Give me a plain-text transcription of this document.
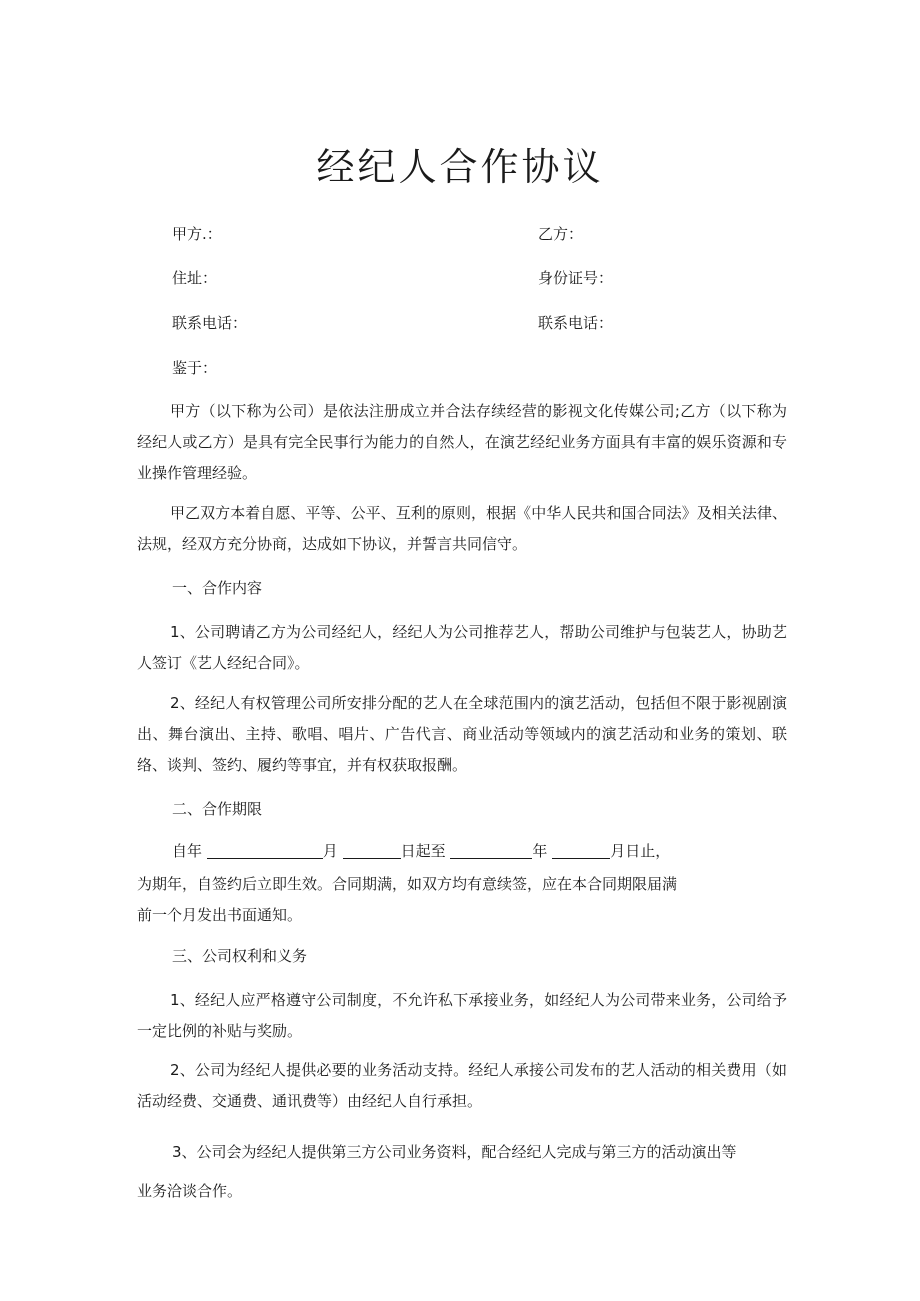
经纪人合作协议

甲方.：	乙方：

住址：	身份证号：

联系电话：	联系电话：

鉴于：

甲方（以下称为公司）是依法注册成立并合法存续经营的影视文化传媒公司;乙方（以下称为经纪人或乙方）是具有完全民事行为能力的自然人，在演艺经纪业务方面具有丰富的娱乐资源和专业操作管理经验。

甲乙双方本着自愿、平等、公平、互利的原则，根据《中华人民共和国合同法》及相关法律、法规，经双方充分协商，达成如下协议，并誓言共同信守。

一、合作内容

1、公司聘请乙方为公司经纪人，经纪人为公司推荐艺人，帮助公司维护与包装艺人，协助艺人签订《艺人经纪合同》。

2、经纪人有权管理公司所安排分配的艺人在全球范围内的演艺活动，包括但不限于影视剧演出、舞台演出、主持、歌唱、唱片、广告代言、商业活动等领域内的演艺活动和业务的策划、联络、谈判、签约、履约等事宜，并有权获取报酬。

二、合作期限

自年	月	日起至	年	月日止，

为期年，自签约后立即生效。合同期满，如双方均有意续签，应在本合同期限届满

前一个月发出书面通知。

三、公司权利和义务

1、经纪人应严格遵守公司制度，不允许私下承接业务，如经纪人为公司带来业务，公司给予一定比例的补贴与奖励。

2、公司为经纪人提供必要的业务活动支持。经纪人承接公司发布的艺人活动的相关费用（如活动经费、交通费、通讯费等）由经纪人自行承担。

3、公司会为经纪人提供第三方公司业务资料，配合经纪人完成与第三方的活动演出等

业务洽谈合作。
